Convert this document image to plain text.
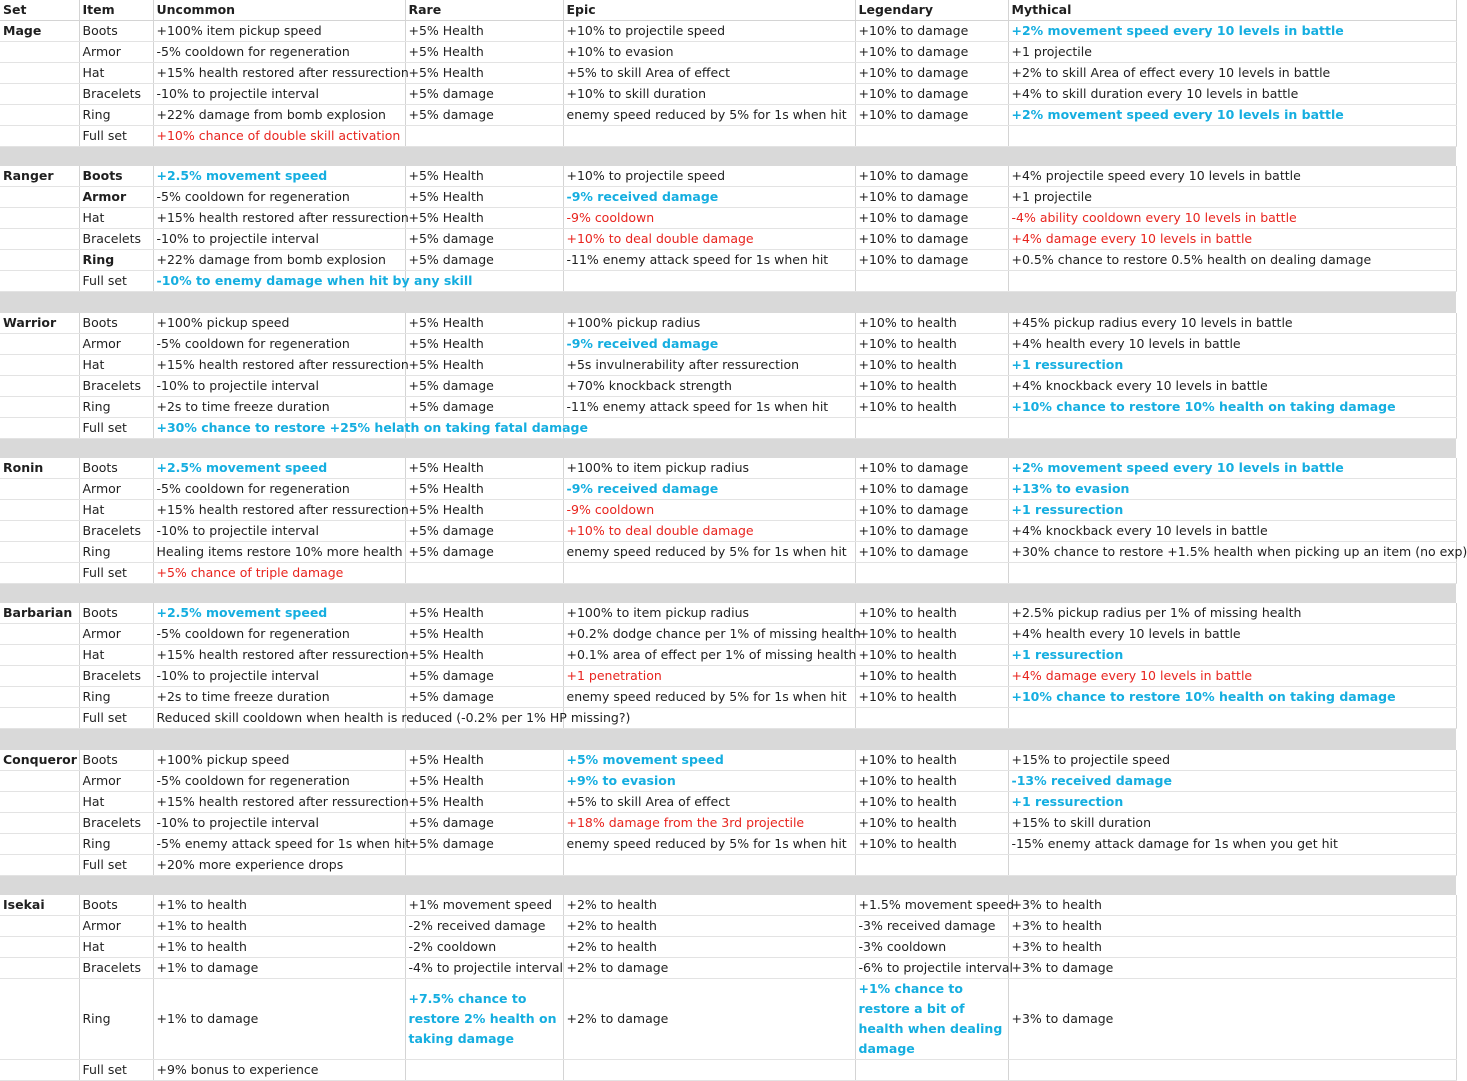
Set	Item	Uncommon	Rare	Epic	Legendary	Mythical
Mage	Boots	+100% item pickup speed	+5% Health	+10% to projectile speed	+10% to damage	+2% movement speed every 10 levels in battle
	Armor	-5% cooldown for regeneration	+5% Health	+10% to evasion	+10% to damage	+1 projectile
	Hat	+15% health restored after ressurection	+5% Health	+5% to skill Area of effect	+10% to damage	+2% to skill Area of effect every 10 levels in battle
	Bracelets	-10% to projectile interval	+5% damage	+10% to skill duration	+10% to damage	+4% to skill duration every 10 levels in battle
	Ring	+22% damage from bomb explosion	+5% damage	enemy speed reduced by 5% for 1s when hit	+10% to damage	+2% movement speed every 10 levels in battle
	Full set	+10% chance of double skill activation				

Ranger	Boots	+2.5% movement speed	+5% Health	+10% to projectile speed	+10% to damage	+4% projectile speed every 10 levels in battle
	Armor	-5% cooldown for regeneration	+5% Health	-9% received damage	+10% to damage	+1 projectile
	Hat	+15% health restored after ressurection	+5% Health	-9% cooldown	+10% to damage	-4% ability cooldown every 10 levels in battle
	Bracelets	-10% to projectile interval	+5% damage	+10% to deal double damage	+10% to damage	+4% damage every 10 levels in battle
	Ring	+22% damage from bomb explosion	+5% damage	-11% enemy attack speed for 1s when hit	+10% to damage	+0.5% chance to restore 0.5% health on dealing damage
	Full set	-10% to enemy damage when hit by any skill				

Warrior	Boots	+100% pickup speed	+5% Health	+100% pickup radius	+10% to health	+45% pickup radius every 10 levels in battle
	Armor	-5% cooldown for regeneration	+5% Health	-9% received damage	+10% to health	+4% health every 10 levels in battle
	Hat	+15% health restored after ressurection	+5% Health	+5s invulnerability after ressurection	+10% to health	+1 ressurection
	Bracelets	-10% to projectile interval	+5% damage	+70% knockback strength	+10% to health	+4% knockback every 10 levels in battle
	Ring	+2s to time freeze duration	+5% damage	-11% enemy attack speed for 1s when hit	+10% to health	+10% chance to restore 10% health on taking damage
	Full set	+30% chance to restore +25% helath on taking fatal damage				

Ronin	Boots	+2.5% movement speed	+5% Health	+100% to item pickup radius	+10% to damage	+2% movement speed every 10 levels in battle
	Armor	-5% cooldown for regeneration	+5% Health	-9% received damage	+10% to damage	+13% to evasion
	Hat	+15% health restored after ressurection	+5% Health	-9% cooldown	+10% to damage	+1 ressurection
	Bracelets	-10% to projectile interval	+5% damage	+10% to deal double damage	+10% to damage	+4% knockback every 10 levels in battle
	Ring	Healing items restore 10% more health	+5% damage	enemy speed reduced by 5% for 1s when hit	+10% to damage	+30% chance to restore +1.5% health when picking up an item (no exp)
	Full set	+5% chance of triple damage				

Barbarian	Boots	+2.5% movement speed	+5% Health	+100% to item pickup radius	+10% to health	+2.5% pickup radius per 1% of missing health
	Armor	-5% cooldown for regeneration	+5% Health	+0.2% dodge chance per 1% of missing health	+10% to health	+4% health every 10 levels in battle
	Hat	+15% health restored after ressurection	+5% Health	+0.1% area of effect per 1% of missing health	+10% to health	+1 ressurection
	Bracelets	-10% to projectile interval	+5% damage	+1 penetration	+10% to health	+4% damage every 10 levels in battle
	Ring	+2s to time freeze duration	+5% damage	enemy speed reduced by 5% for 1s when hit	+10% to health	+10% chance to restore 10% health on taking damage
	Full set	Reduced skill cooldown when health is reduced (-0.2% per 1% HP missing?)				

Conqueror	Boots	+100% pickup speed	+5% Health	+5% movement speed	+10% to health	+15% to projectile speed
	Armor	-5% cooldown for regeneration	+5% Health	+9% to evasion	+10% to health	-13% received damage
	Hat	+15% health restored after ressurection	+5% Health	+5% to skill Area of effect	+10% to health	+1 ressurection
	Bracelets	-10% to projectile interval	+5% damage	+18% damage from the 3rd projectile	+10% to health	+15% to skill duration
	Ring	-5% enemy attack speed for 1s when hit	+5% damage	enemy speed reduced by 5% for 1s when hit	+10% to health	-15% enemy attack damage for 1s when you get hit
	Full set	+20% more experience drops				

Isekai	Boots	+1% to health	+1% movement speed	+2% to health	+1.5% movement speed	+3% to health
	Armor	+1% to health	-2% received damage	+2% to health	-3% received damage	+3% to health
	Hat	+1% to health	-2% cooldown	+2% to health	-3% cooldown	+3% to health
	Bracelets	+1% to damage	-4% to projectile interval	+2% to damage	-6% to projectile interval	+3% to damage
	Ring	+1% to damage	+7.5% chance to restore 2% health on taking damage	+2% to damage	+1% chance to restore a bit of health when dealing damage	+3% to damage
	Full set	+9% bonus to experience				
